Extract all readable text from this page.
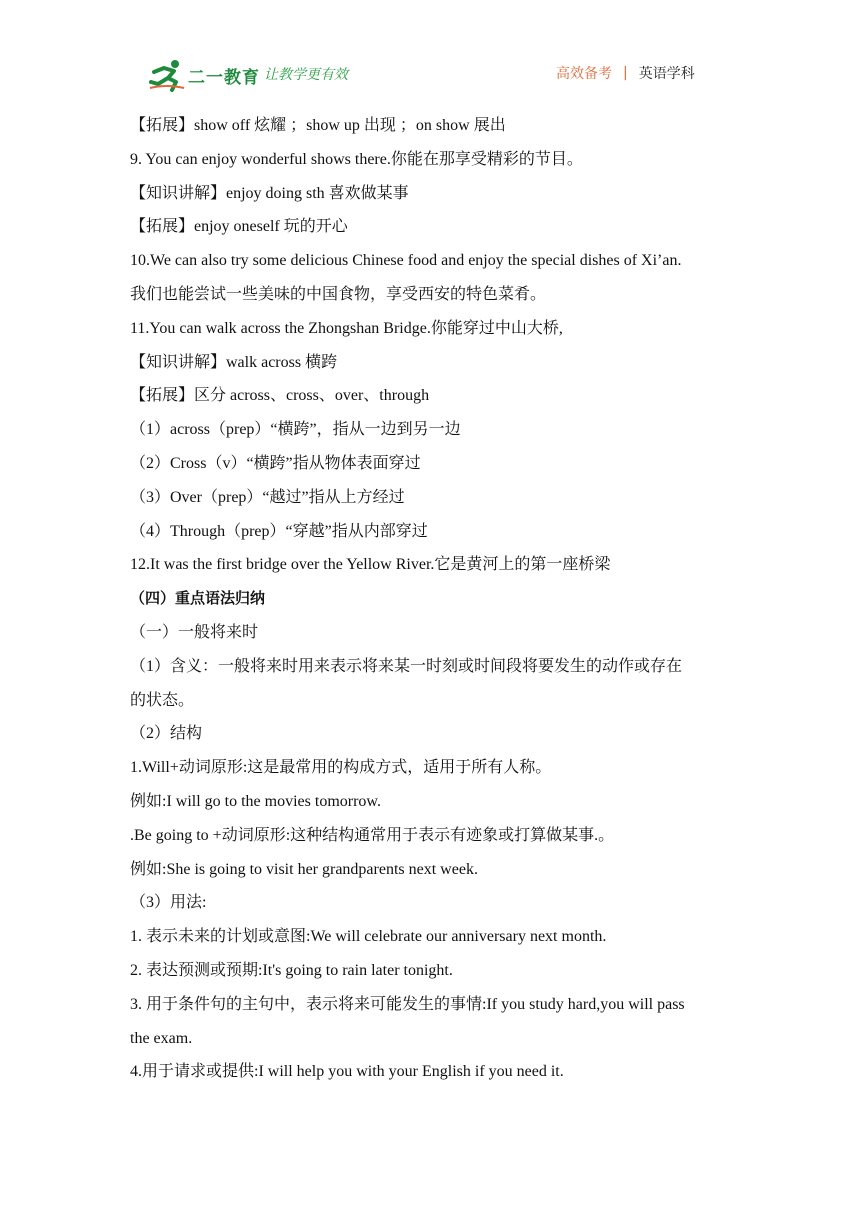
二一教育 让教学更有效	高效备考 | 英语学科
【拓展】show off 炫耀 ；show up 出现 ；on show 展出
9. You can enjoy wonderful shows there.你能在那享受精彩的节目。
【知识讲解】enjoy doing sth 喜欢做某事
【拓展】enjoy oneself 玩的开心
10.We can also try some delicious Chinese food and enjoy the special dishes of Xi’an.
我们也能尝试一些美味的中国食物，享受西安的特色菜肴。
11.You can walk across the Zhongshan Bridge.你能穿过中山大桥,
【知识讲解】walk across 横跨
【拓展】区分 across、cross、over、through
（1）across（prep）“横跨”，指从一边到另一边
（2）Cross（v）“横跨”指从物体表面穿过
（3）Over（prep）“越过”指从上方经过
（4）Through（prep）“穿越”指从内部穿过
12.It was the first bridge over the Yellow River.它是黄河上的第一座桥梁
（四）重点语法归纳
（一）一般将来时
（1）含义：一般将来时用来表示将来某一时刻或时间段将要发生的动作或存在
的状态。
（2）结构
1.Will+动词原形:这是最常用的构成方式，适用于所有人称。
例如:I will go to the movies tomorrow.
.Be going to +动词原形:这种结构通常用于表示有迹象或打算做某事.。
例如:She is going to visit her grandparents next week.
（3）用法:
1. 表示未来的计划或意图:We will celebrate our anniversary next month.
2. 表达预测或预期:It's going to rain later tonight.
3. 用于条件句的主句中，表示将来可能发生的事情:If you study hard,you will pass
the exam.
4.用于请求或提供:I will help you with your English if you need it.
